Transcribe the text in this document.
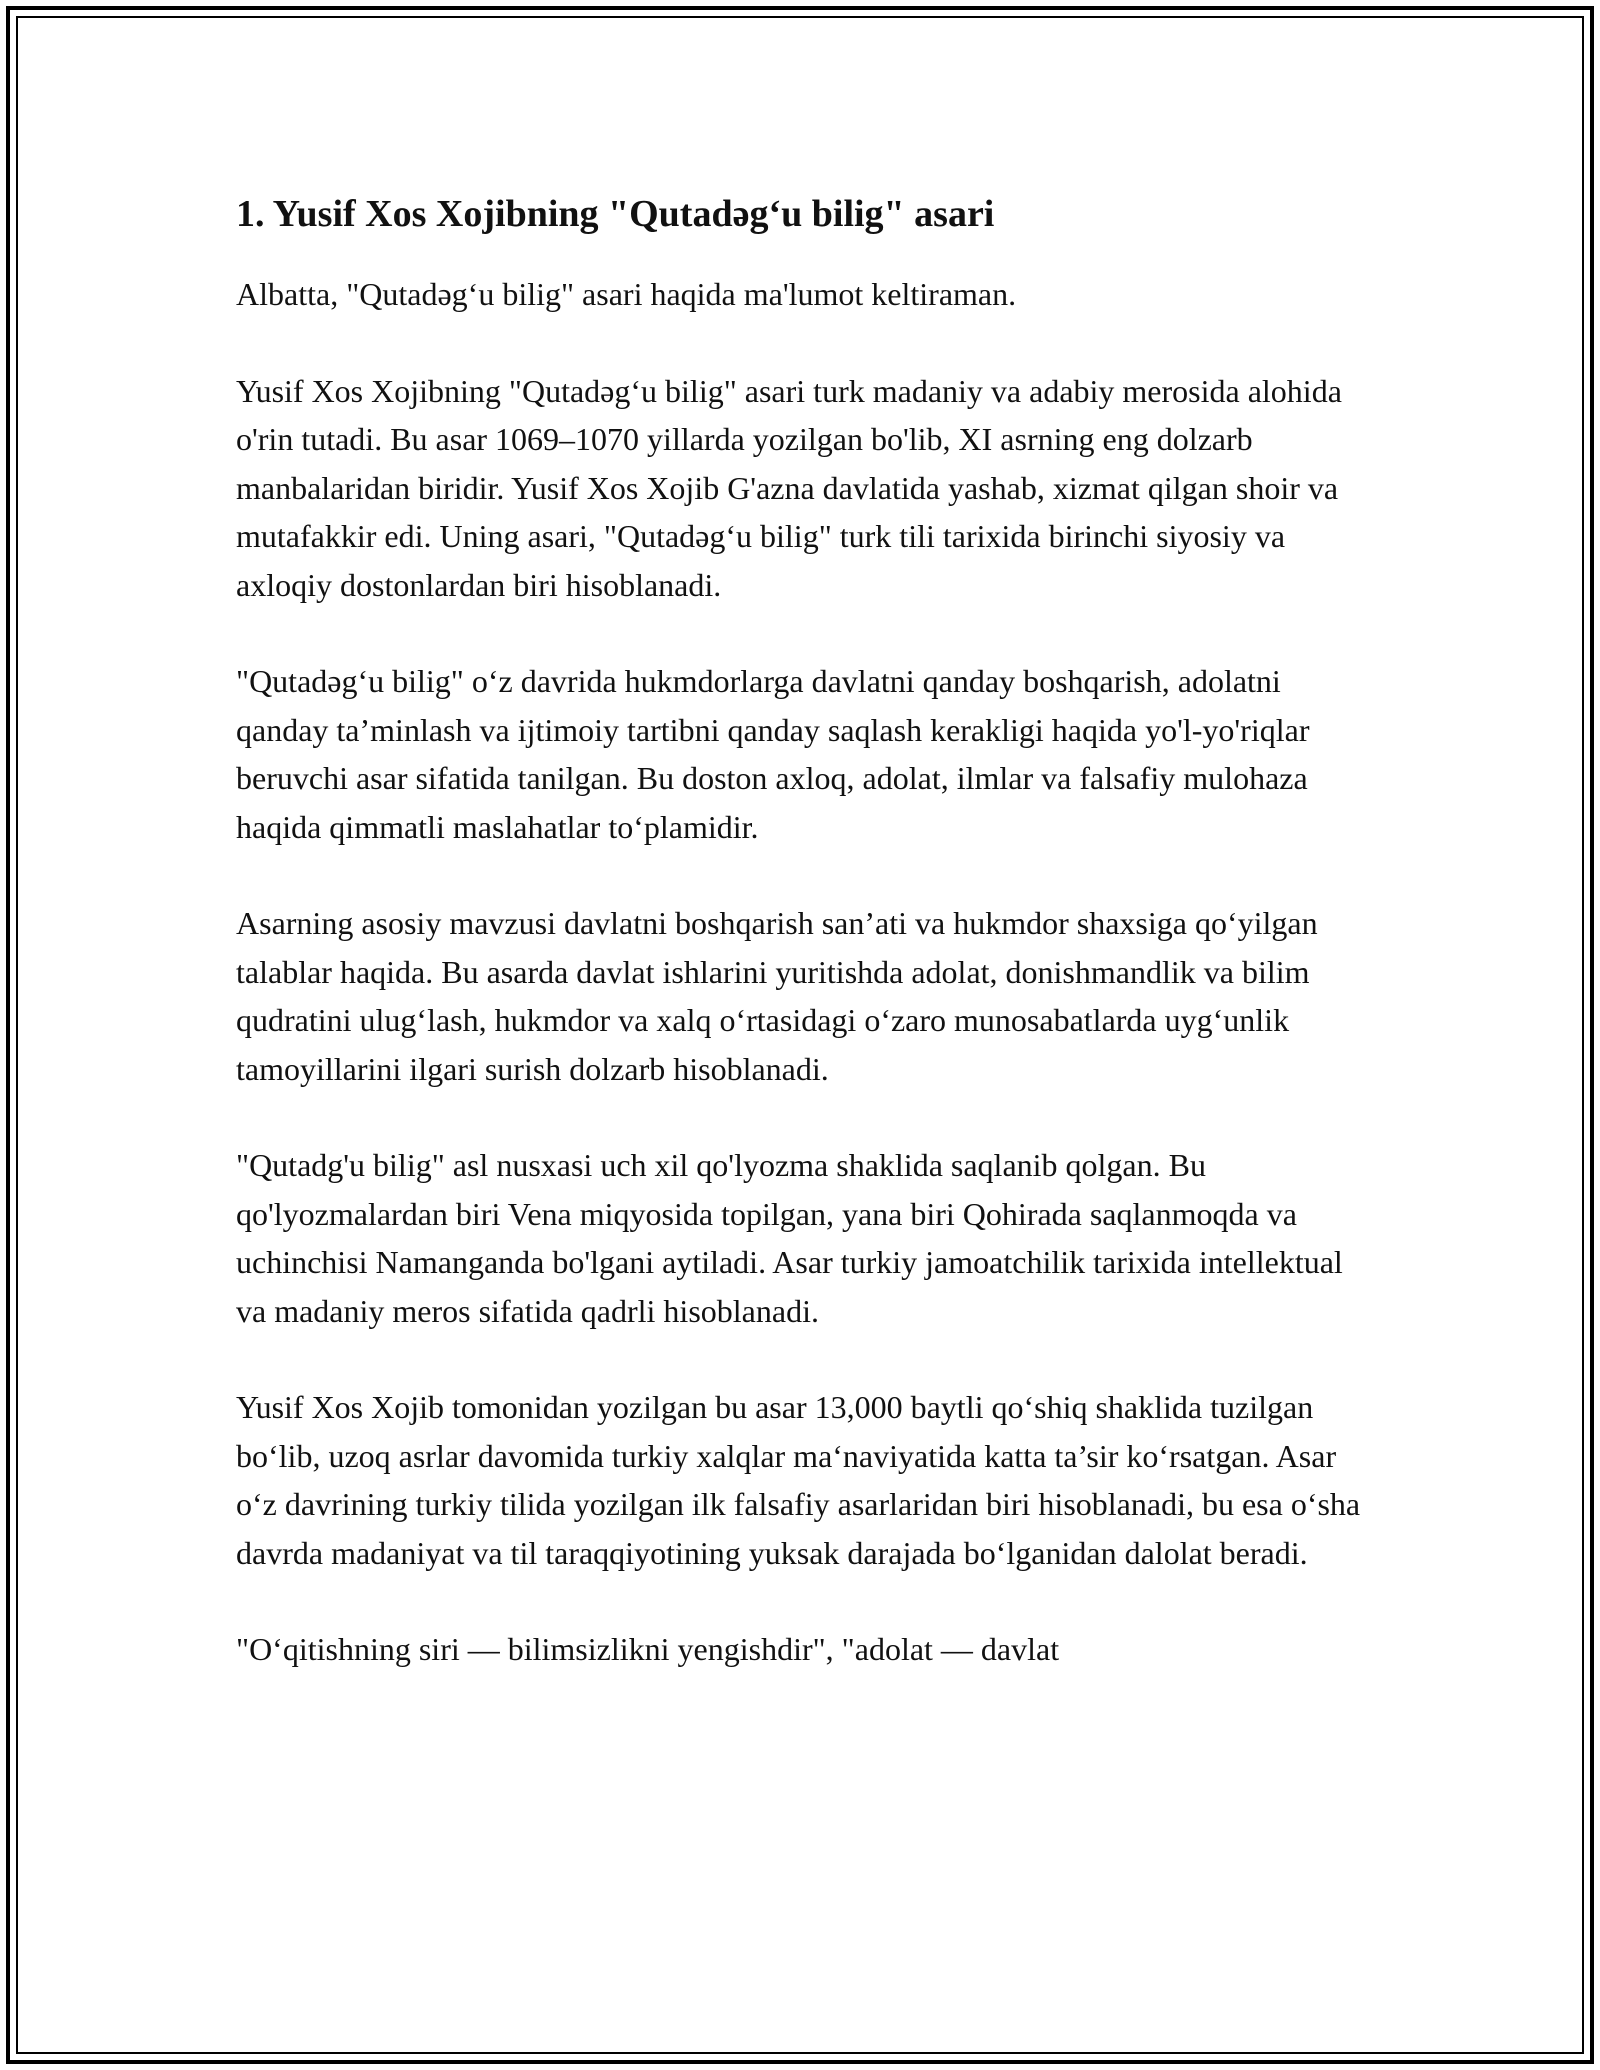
1. Yusif Xos Xojibning "Qutadəg‘u bilig" asari

Albatta, "Qutadəg‘u bilig" asari haqida ma'lumot keltiraman.

Yusif Xos Xojibning "Qutadəg‘u bilig" asari turk madaniy va adabiy merosida alohida o'rin tutadi. Bu asar 1069–1070 yillarda yozilgan bo'lib, XI asrning eng dolzarb manbalaridan biridir. Yusif Xos Xojib G'azna davlatida yashab, xizmat qilgan shoir va mutafakkir edi. Uning asari, "Qutadəg‘u bilig" turk tili tarixida birinchi siyosiy va axloqiy dostonlardan biri hisoblanadi.

"Qutadəg‘u bilig" o‘z davrida hukmdorlarga davlatni qanday boshqarish, adolatni qanday ta’minlash va ijtimoiy tartibni qanday saqlash kerakligi haqida yo'l-yo'riqlar beruvchi asar sifatida tanilgan. Bu doston axloq, adolat, ilmlar va falsafiy mulohaza haqida qimmatli maslahatlar to‘plamidir.

Asarning asosiy mavzusi davlatni boshqarish san’ati va hukmdor shaxsiga qo‘yilgan talablar haqida. Bu asarda davlat ishlarini yuritishda adolat, donishmandlik va bilim qudratini ulug‘lash, hukmdor va xalq o‘rtasidagi o‘zaro munosabatlarda uyg‘unlik tamoyillarini ilgari surish dolzarb hisoblanadi.

"Qutadg'u bilig" asl nusxasi uch xil qo'lyozma shaklida saqlanib qolgan. Bu qo'lyozmalardan biri Vena miqyosida topilgan, yana biri Qohirada saqlanmoqda va uchinchisi Namanganda bo'lgani aytiladi. Asar turkiy jamoatchilik tarixida intellektual va madaniy meros sifatida qadrli hisoblanadi.

Yusif Xos Xojib tomonidan yozilgan bu asar 13,000 baytli qo‘shiq shaklida tuzilgan bo‘lib, uzoq asrlar davomida turkiy xalqlar ma‘naviyatida katta ta’sir ko‘rsatgan. Asar o‘z davrining turkiy tilida yozilgan ilk falsafiy asarlaridan biri hisoblanadi, bu esa o‘sha davrda madaniyat va til taraqqiyotining yuksak darajada bo‘lganidan dalolat beradi.

"O‘qitishning siri — bilimsizlikni yengishdir", "adolat — davlat
